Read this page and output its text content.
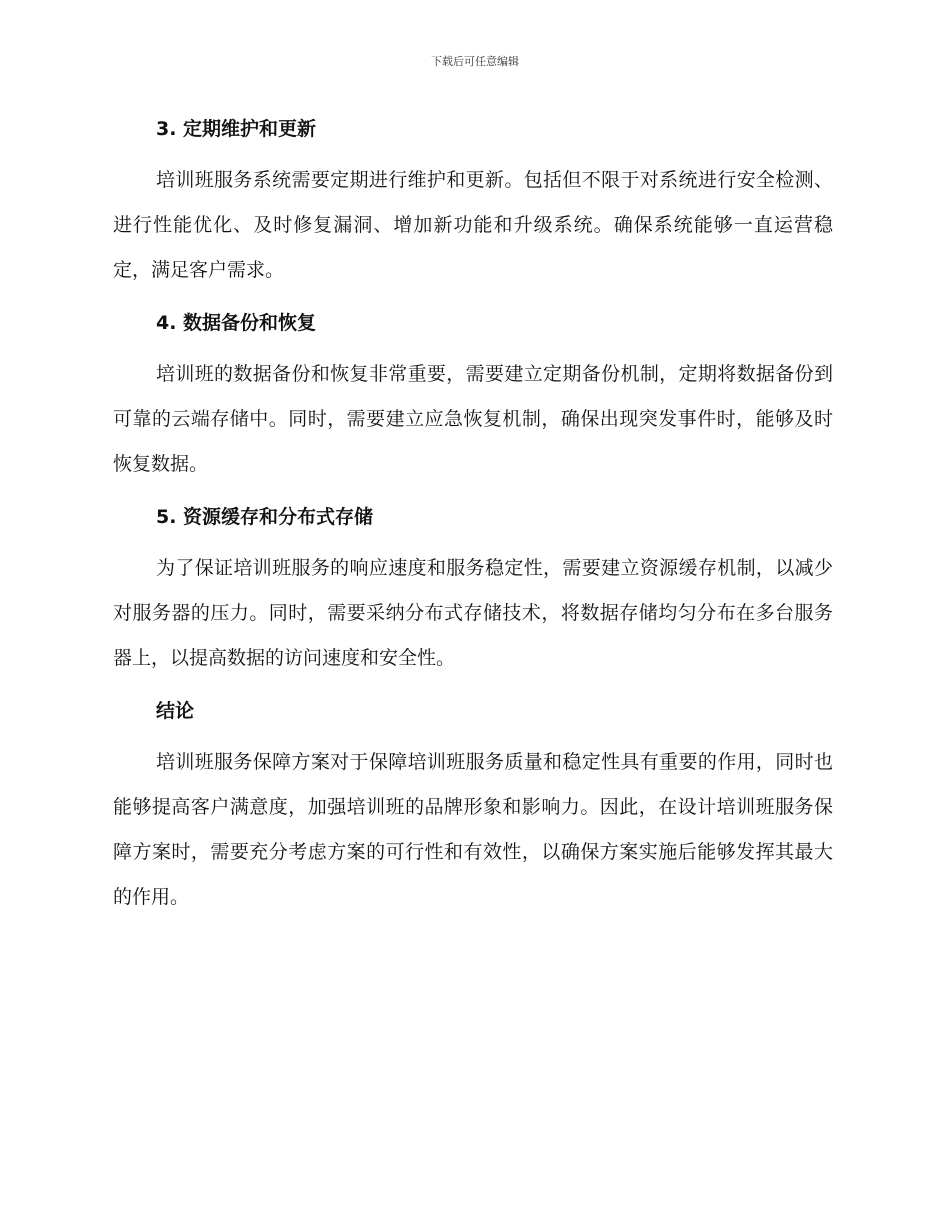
下载后可任意编辑
3. 定期维护和更新

培训班服务系统需要定期进行维护和更新。包括但不限于对系统进行安全检测、进行性能优化、及时修复漏洞、增加新功能和升级系统。确保系统能够一直运营稳定，满足客户需求。

4. 数据备份和恢复

培训班的数据备份和恢复非常重要，需要建立定期备份机制，定期将数据备份到可靠的云端存储中。同时，需要建立应急恢复机制，确保出现突发事件时，能够及时恢复数据。

5. 资源缓存和分布式存储

为了保证培训班服务的响应速度和服务稳定性，需要建立资源缓存机制，以减少对服务器的压力。同时，需要采纳分布式存储技术，将数据存储均匀分布在多台服务器上，以提高数据的访问速度和安全性。

结论

培训班服务保障方案对于保障培训班服务质量和稳定性具有重要的作用，同时也能够提高客户满意度，加强培训班的品牌形象和影响力。因此，在设计培训班服务保障方案时，需要充分考虑方案的可行性和有效性，以确保方案实施后能够发挥其最大的作用。
